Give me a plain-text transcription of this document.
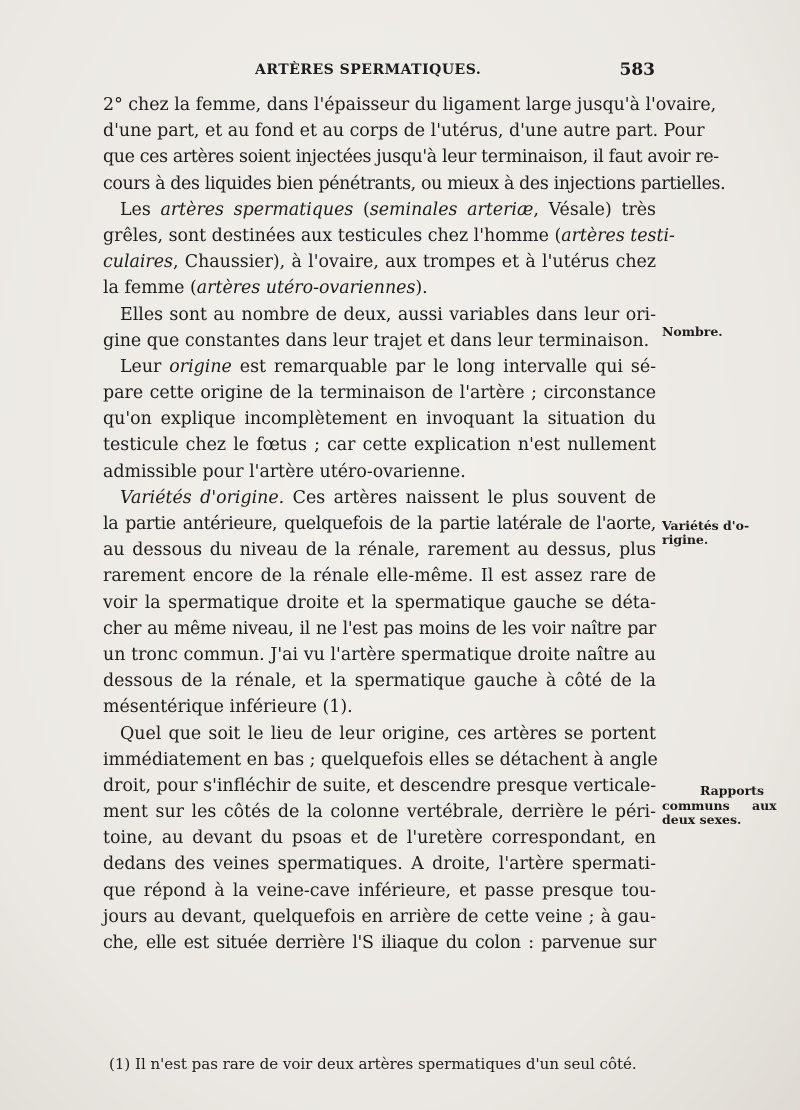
ARTÈRES SPERMATIQUES.	583
2° chez la femme, dans l'épaisseur du ligament large jusqu'à l'ovaire,
d'une part, et au fond et au corps de l'utérus, d'une autre part. Pour
que ces artères soient injectées jusqu'à leur terminaison, il faut avoir re-
cours à des liquides bien pénétrants, ou mieux à des injections partielles.
Les artères spermatiques (seminales arteriæ, Vésale) très
grêles, sont destinées aux testicules chez l'homme (artères testi-
culaires, Chaussier), à l'ovaire, aux trompes et à l'utérus chez
la femme (artères utéro-ovariennes).
Elles sont au nombre de deux, aussi variables dans leur ori-
gine que constantes dans leur trajet et dans leur terminaison.
Leur origine est remarquable par le long intervalle qui sé-
pare cette origine de la terminaison de l'artère ; circonstance
qu'on explique incomplètement en invoquant la situation du
testicule chez le fœtus ; car cette explication n'est nullement
admissible pour l'artère utéro-ovarienne.
Variétés d'origine. Ces artères naissent le plus souvent de
la partie antérieure, quelquefois de la partie latérale de l'aorte,
au dessous du niveau de la rénale, rarement au dessus, plus
rarement encore de la rénale elle-même. Il est assez rare de
voir la spermatique droite et la spermatique gauche se déta-
cher au même niveau, il ne l'est pas moins de les voir naître par
un tronc commun. J'ai vu l'artère spermatique droite naître au
dessous de la rénale, et la spermatique gauche à côté de la
mésentérique inférieure (1).
Quel que soit le lieu de leur origine, ces artères se portent
immédiatement en bas ; quelquefois elles se détachent à angle
droit, pour s'infléchir de suite, et descendre presque verticale-
ment sur les côtés de la colonne vertébrale, derrière le péri-
toine, au devant du psoas et de l'uretère correspondant, en
dedans des veines spermatiques. A droite, l'artère spermati-
que répond à la veine-cave inférieure, et passe presque tou-
jours au devant, quelquefois en arrière de cette veine ; à gau-
che, elle est située derrière l'S iliaque du colon : parvenue sur
Nombre.
Variétés d'o-rigine.
Rapports
communs aux
deux sexes.
(1) Il n'est pas rare de voir deux artères spermatiques d'un seul côté.
